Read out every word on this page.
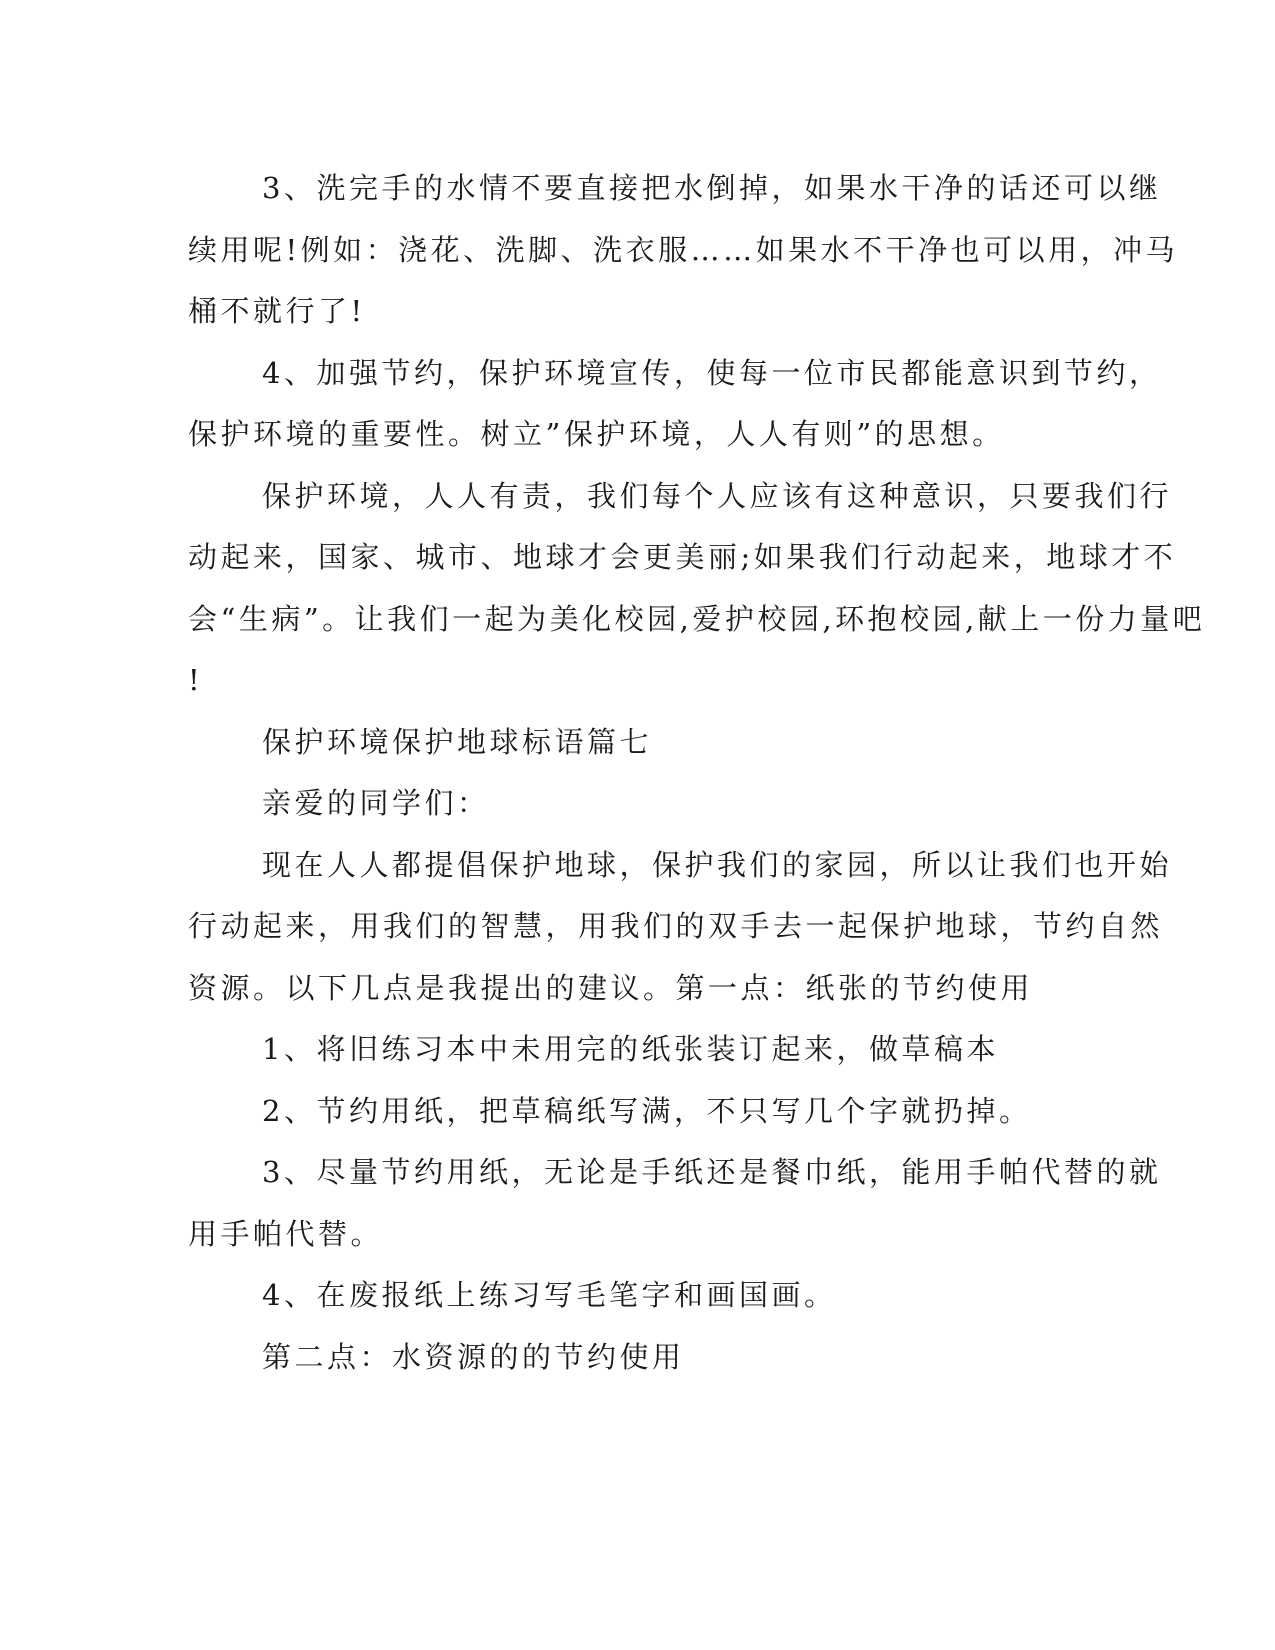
3、洗完手的水情不要直接把水倒掉，如果水干净的话还可以继
续用呢!例如：浇花、洗脚、洗衣服……如果水不干净也可以用，冲马
桶不就行了!
4、加强节约，保护环境宣传，使每一位市民都能意识到节约，
保护环境的重要性。树立”保护环境，人人有则”的思想。
保护环境，人人有责，我们每个人应该有这种意识，只要我们行
动起来，国家、城市、地球才会更美丽;如果我们行动起来，地球才不
会“生病”。让我们一起为美化校园,爱护校园,环抱校园,献上一份力量吧
!
保护环境保护地球标语篇七
亲爱的同学们：
现在人人都提倡保护地球，保护我们的家园，所以让我们也开始
行动起来，用我们的智慧，用我们的双手去一起保护地球，节约自然
资源。以下几点是我提出的建议。第一点：纸张的节约使用
1、将旧练习本中未用完的纸张装订起来，做草稿本
2、节约用纸，把草稿纸写满，不只写几个字就扔掉。
3、尽量节约用纸，无论是手纸还是餐巾纸，能用手帕代替的就
用手帕代替。
4、在废报纸上练习写毛笔字和画国画。
第二点：水资源的的节约使用
